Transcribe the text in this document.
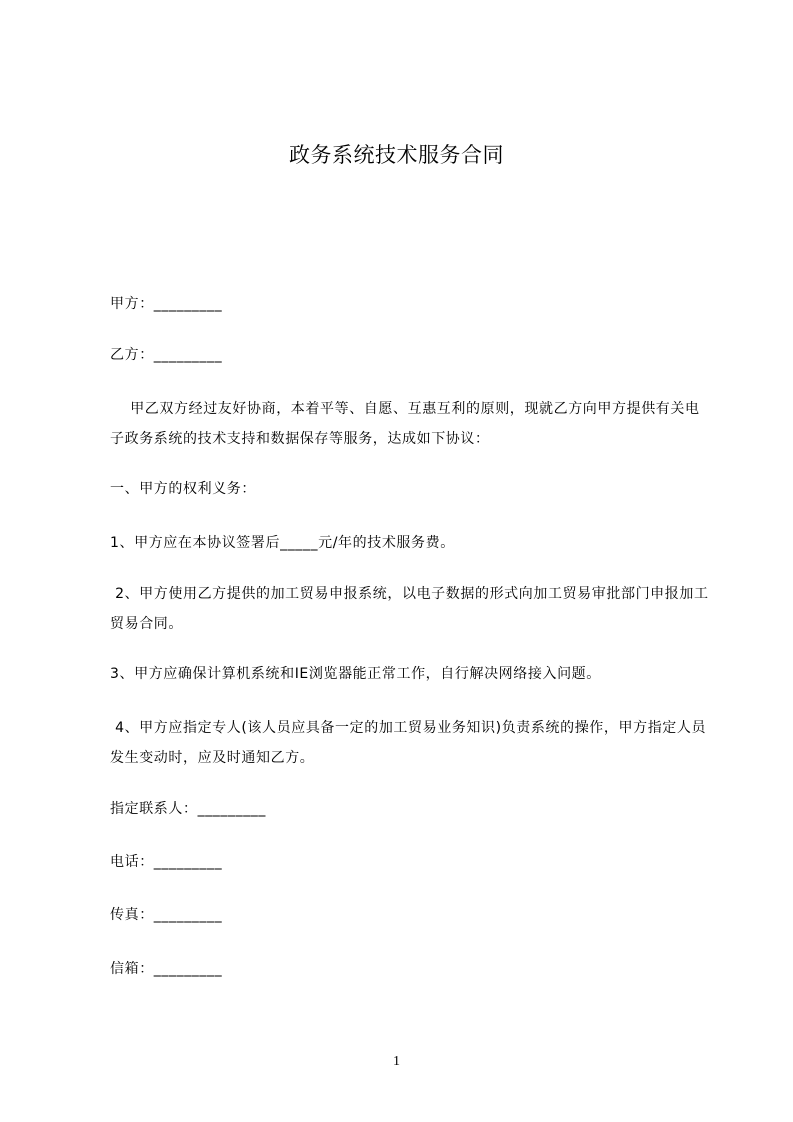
政务系统技术服务合同
甲方：_________
乙方：_________
甲乙双方经过友好协商，本着平等、自愿、互惠互利的原则，现就乙方向甲方提供有关电子政务系统的技术支持和数据保存等服务，达成如下协议：
一、甲方的权利义务：
1、甲方应在本协议签署后_____元/年的技术服务费。
2、甲方使用乙方提供的加工贸易申报系统，以电子数据的形式向加工贸易审批部门申报加工贸易合同。
3、甲方应确保计算机系统和IE浏览器能正常工作，自行解决网络接入问题。
4、甲方应指定专人(该人员应具备一定的加工贸易业务知识)负责系统的操作，甲方指定人员发生变动时，应及时通知乙方。
指定联系人：_________
电话：_________
传真：_________
信箱：_________
1
